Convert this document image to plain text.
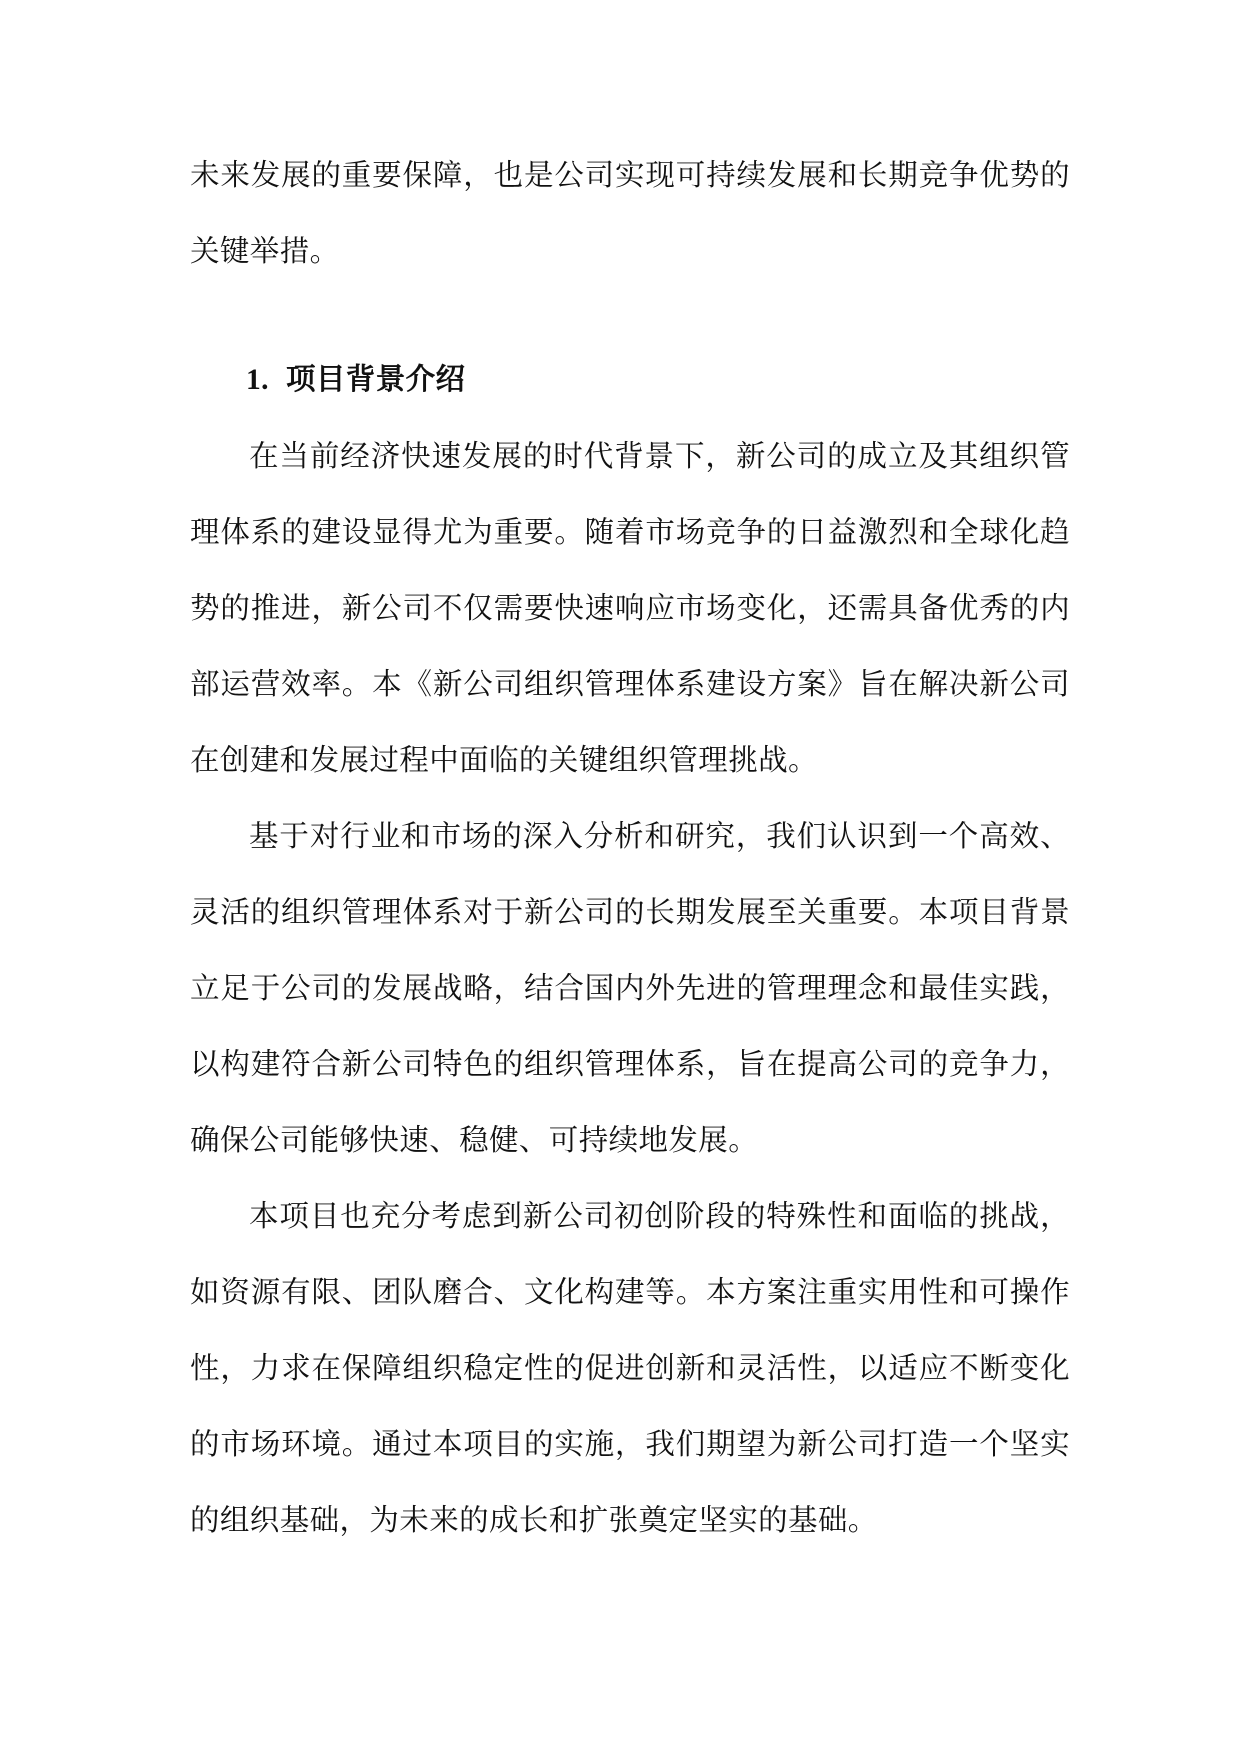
未来发展的重要保障，也是公司实现可持续发展和长期竞争优势的关键举措。

1. 项目背景介绍

在当前经济快速发展的时代背景下，新公司的成立及其组织管理体系的建设显得尤为重要。随着市场竞争的日益激烈和全球化趋势的推进，新公司不仅需要快速响应市场变化，还需具备优秀的内部运营效率。本《新公司组织管理体系建设方案》旨在解决新公司在创建和发展过程中面临的关键组织管理挑战。

基于对行业和市场的深入分析和研究，我们认识到一个高效、灵活的组织管理体系对于新公司的长期发展至关重要。本项目背景立足于公司的发展战略，结合国内外先进的管理理念和最佳实践，以构建符合新公司特色的组织管理体系，旨在提高公司的竞争力，确保公司能够快速、稳健、可持续地发展。

本项目也充分考虑到新公司初创阶段的特殊性和面临的挑战，如资源有限、团队磨合、文化构建等。本方案注重实用性和可操作性，力求在保障组织稳定性的促进创新和灵活性，以适应不断变化的市场环境。通过本项目的实施，我们期望为新公司打造一个坚实的组织基础，为未来的成长和扩张奠定坚实的基础。
